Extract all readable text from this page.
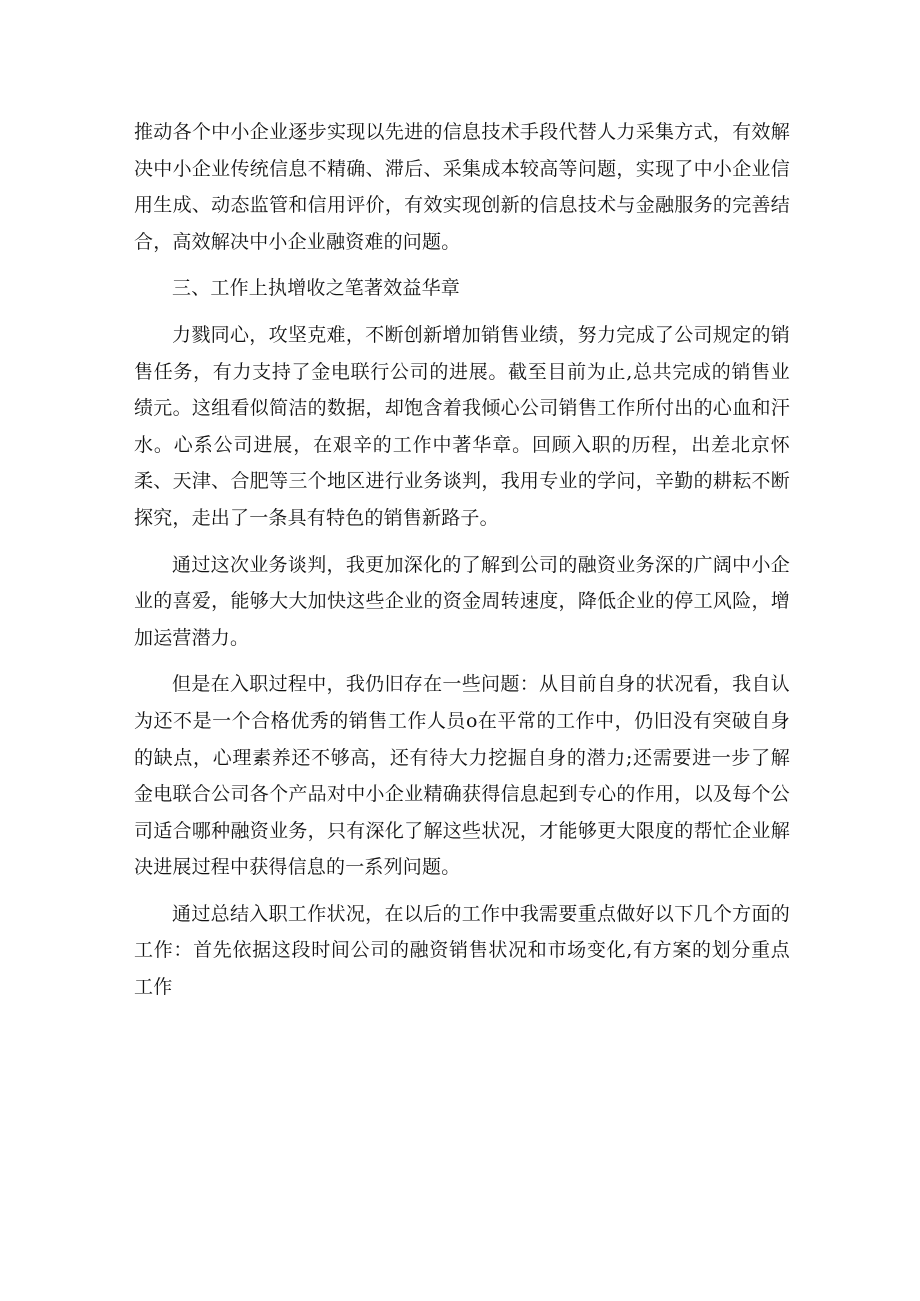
推动各个中小企业逐步实现以先进的信息技术手段代替人力采集方式，有效解决中小企业传统信息不精确、滞后、采集成本较高等问题，实现了中小企业信用生成、动态监管和信用评价，有效实现创新的信息技术与金融服务的完善结合，高效解决中小企业融资难的问题。

三、工作上执增收之笔著效益华章

力戮同心，攻坚克难，不断创新增加销售业绩，努力完成了公司规定的销售任务，有力支持了金电联行公司的进展。截至目前为止,总共完成的销售业绩元。这组看似简洁的数据，却饱含着我倾心公司销售工作所付出的心血和汗水。心系公司进展，在艰辛的工作中著华章。回顾入职的历程，出差北京怀柔、天津、合肥等三个地区进行业务谈判，我用专业的学问，辛勤的耕耘不断探究，走出了一条具有特色的销售新路子。

通过这次业务谈判，我更加深化的了解到公司的融资业务深的广阔中小企业的喜爱，能够大大加快这些企业的资金周转速度，降低企业的停工风险，增加运营潜力。

但是在入职过程中，我仍旧存在一些问题：从目前自身的状况看，我自认为还不是一个合格优秀的销售工作人员o在平常的工作中，仍旧没有突破自身的缺点，心理素养还不够高，还有待大力挖掘自身的潜力;还需要进一步了解金电联合公司各个产品对中小企业精确获得信息起到专心的作用，以及每个公司适合哪种融资业务，只有深化了解这些状况，才能够更大限度的帮忙企业解决进展过程中获得信息的一系列问题。

通过总结入职工作状况，在以后的工作中我需要重点做好以下几个方面的工作：首先依据这段时间公司的融资销售状况和市场变化,有方案的划分重点工作
